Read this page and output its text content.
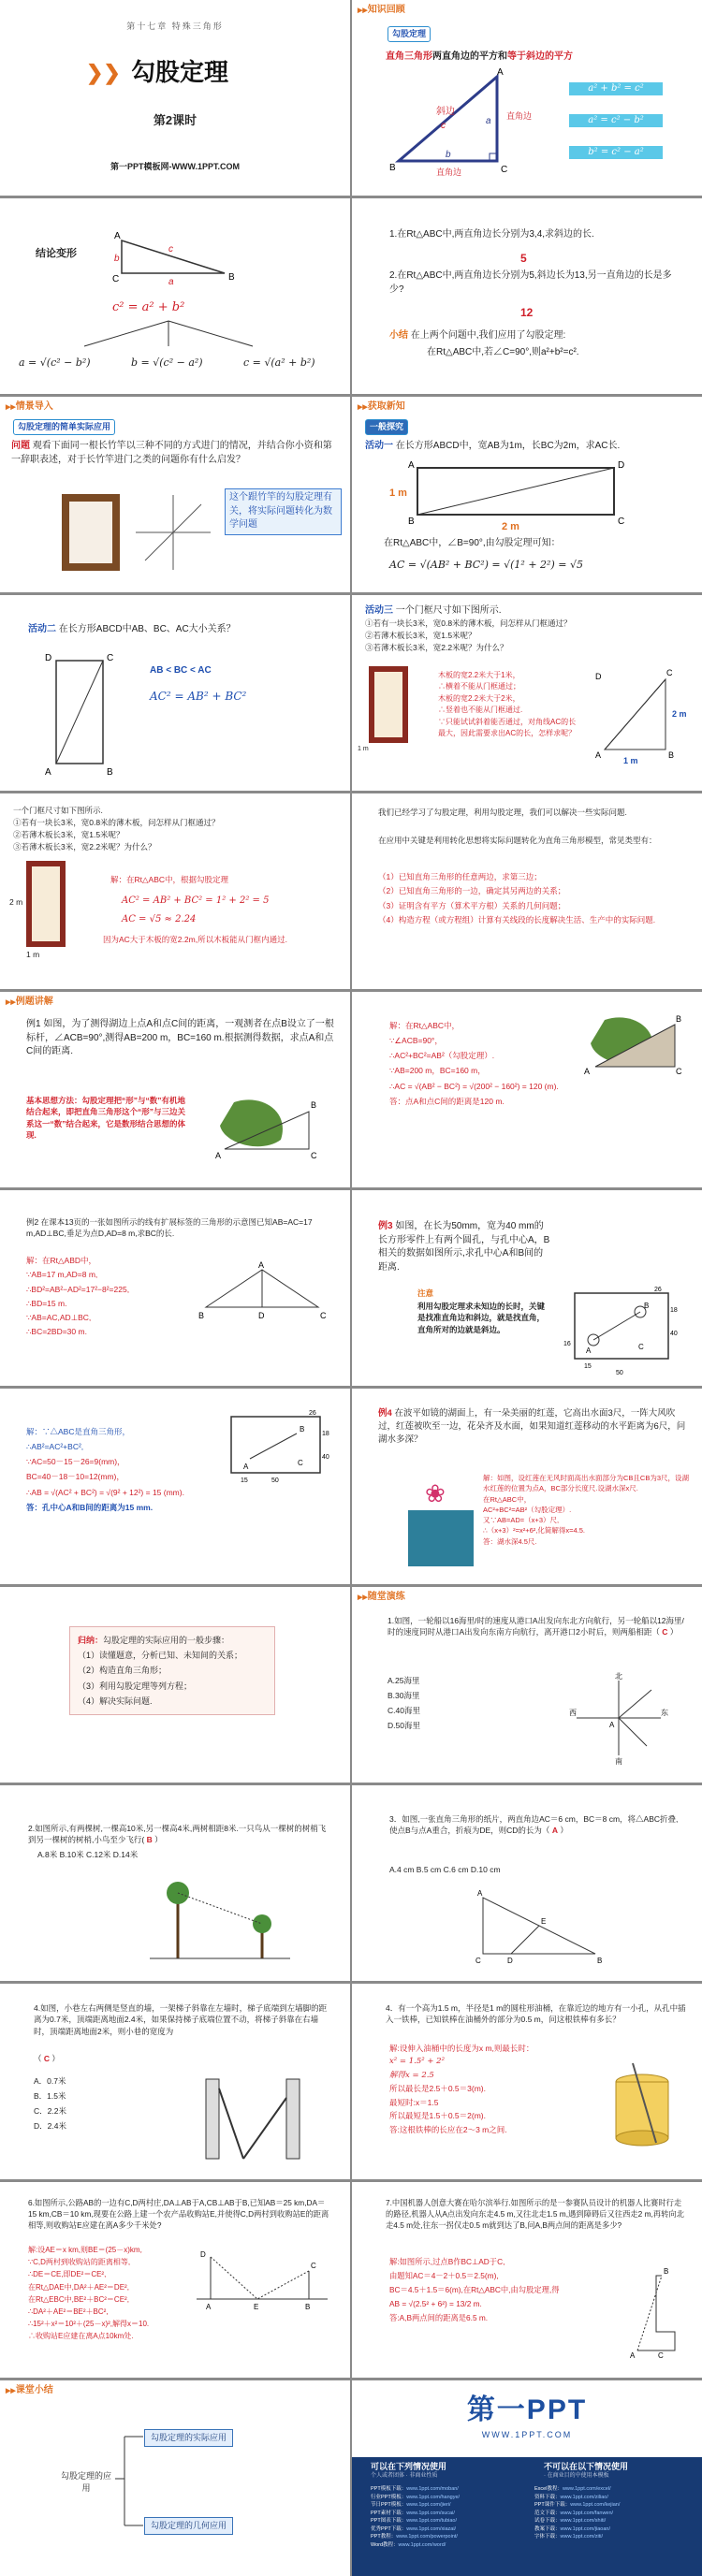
第十七章 特殊三角形
❯❯ 勾股定理
第2课时
第一PPT模板网-WWW.1PPT.COM
▶▶ 知识回顾
勾股定理
直角三角形两直角边的平方和等于斜边的平方
A
B	C
斜边	直角边
直角边
c	a
b
a² + b² = c²
a² = c² − b²
b² = c² − a²
结论变形
A
C	B
c
b
a
c² = a² + b²
a = √(c² − b²)	b = √(c² − a²)	c = √(a² + b²)
1.在Rt△ABC中,两直角边长分别为3,4,求斜边的长.
5
2.在Rt△ABC中,两直角边长分别为5,斜边长为13,另一直角边的长是多少?
12
小结 在上两个问题中,我们应用了勾股定理:
在Rt△ABC中,若∠C=90°,则a²+b²=c².
▶▶ 情景导入
勾股定理的简单实际应用
问题 观看下面同一根长竹竿以三种不同的方式进门的情况，并结合你小资和第一辞职表述，对于长竹竿进门之类的问题你有什么启发？
这个跟竹竿的勾股定理有关，将实际问题转化为数学问题
▶▶ 获取新知
一般探究
活动一 在长方形ABCD中，宽AB为1m，长BC为2m，求AC长.
A	D
B	C
1 m
2 m
在Rt△ABC中，∠B=90°,由勾股定理可知：
AC = √(AB² + BC²) = √(1² + 2²) = √5
活动二 在长方形ABCD中AB、BC、AC大小关系？
AB < BC < AC
AC² = AB² + BC²
D	C
A	B
活动三 一个门框尺寸如下图所示.
①若有一块长3米，宽0.8米的薄木板，问怎样从门框通过？
②若薄木板长3米，宽1.5米呢？
③若薄木板长3米，宽2.2米呢？为什么？
1 m
木板的宽2.2米大于1米，
∴横着不能从门框通过；
木板的宽2.2米大于2米，
∴竖着也不能从门框通过.
∵只能试试斜着能否通过，对角线AC的长最大，因此需要求出AC的长，怎样求呢？
2 m
1 m
C
A	B
D
一个门框尺寸如下图所示.
①若有一块长3米，宽0.8米的薄木板，问怎样从门框通过？
②若薄木板长3米，宽1.5米呢？
③若薄木板长3米，宽2.2米呢？为什么？
1 m
2 m
解：在Rt△ABC中，根据勾股定理
AC² = AB² + BC² = 1² + 2² = 5
AC = √5 ≈ 2.24
因为AC大于木板的宽2.2m,所以木板能从门框内通过.
我们已经学习了勾股定理，利用勾股定理，我们可以解决一些实际问题.
在应用中关键是利用转化思想将实际问题转化为直角三角形模型，常见类型有：
（1）已知直角三角形的任意两边，求第三边；
（2）已知直角三角形的一边，确定其另两边的关系；
（3）证明含有平方（算术平方根）关系的几何问题；
（4）构造方程（或方程组）计算有关线段的长度解决生活、生产中的实际问题.
▶▶ 例题讲解
例1 如图，为了测得湖边上点A和点C间的距离，一观测者在点B设立了一根标杆，∠ACB=90°,测得AB=200 m，BC=160 m.根据测得数据，求点A和点C间的距离.
基本思想方法：勾股定理把“形”与“数”有机地结合起来，即把直角三角形这个“形”与三边关系这一“数”结合起来，它是数形结合思想的体现.
A
B
C
解：在Rt△ABC中，
∵∠ACB=90°，
∴AC²+BC²=AB²（勾股定理）.
∵AB=200 m，BC=160 m，
∴AC = √(AB² − BC²) = √(200² − 160²) = 120 (m).
答：点A和点C间的距离是120 m.
A
B
C
例2 在课本13页的一张如图所示的线有扩展标签的三角形的示意图已知AB=AC=17 m,AD⊥BC,垂足为点D,AD=8 m,求BC的长.
解：在Rt△ABD中，
∵AB=17 m,AD=8 m,
∴BD²=AB²−AD²=17²−8²=225,
∴BD=15 m.
∵AB=AC,AD⊥BC,
∴BC=2BD=30 m.
A
B	C
D
例3 如图，在长为50mm，宽为40 mm的长方形零件上有两个圆孔，与孔中心A，B相关的数据如图所示,求孔中心A和B间的距离.
注意
利用勾股定理求未知边的长时，关键是找准直角边和斜边，就是找直角，直角所对的边就是斜边。
A
B
C
26
18
16
15
40
50
解：∵△ABC是直角三角形，
∴AB²=AC²+BC²,
∵AC=50－15－26=9(mm)，
BC=40－18－10=12(mm)，
∴AB = √(AC² + BC²) = √(9² + 12²) = 15 (mm).
答：孔中心A和B间的距离为15 mm.
A
B
C
26
18
40
15	50
例4 在波平如镜的湖面上，有一朵美丽的红莲，它高出水面3尺，一阵大风吹过，红莲被吹至一边，花朵齐及水面，如果知道红莲移动的水平距离为6尺，问湖水多深？
❀
解：如图，设红莲在无风时面高出水面部分为CB且CB为3尺，设湖水红莲的位置为点A，BC部分长度尺.设湖水深x尺.
在Rt△ABC中，
AC²+BC²=AB²（勾股定理）.
又∵AB=AD=（x+3）尺,
∴（x+3）²=x²+6²,化简解得x=4.5.
答：湖水深4.5尺.
归纳：勾股定理的实际应用的一般步骤：
（1）读懂题意，分析已知、未知间的关系；
（2）构造直角三角形；
（3）利用勾股定理等列方程；
（4）解决实际问题.
▶▶ 随堂演练
1.如图，一轮船以16海里/时的速度从港口A出发向东北方向航行，另一轮船以12海里/时的速度同时从港口A出发向东南方向航行，离开港口2小时后，则两船相距（ C ）
A.25海里
B.30海里
C.40海里
D.50海里
北
南
东
西
A
2.如图所示,有两棵树,一棵高10米,另一棵高4米,两树相距8米.一只鸟从一棵树的树梢飞到另一棵树的树梢,小鸟至少飞行( B ）
A.8米 B.10米 C.12米 D.14米
3．如图,一张直角三角形的纸片，两直角边AC＝6 cm，BC＝8 cm，将△ABC折叠,使点B与点A重合，折痕为DE，则CD的长为（ A ）
A.4 cm B.5 cm C.6 cm D.10 cm
A
B
C	D
E
4.如图，小巷左右两侧是竖直的墙，一架梯子斜靠在左墙时，梯子底端到左墙脚的距离为0.7米，顶端距离地面2.4米，如果保持梯子底端位置不动，将梯子斜靠在右墙时，顶端距离地面2米，则小巷的宽度为
（ C ）
A．0.7米
B．1.5米
C．2.2米
D．2.4米
4．有一个高为1.5 m，半径是1 m的圆柱形油桶，在靠近边的地方有一小孔，从孔中插入一铁棒，已知铁棒在油桶外的部分为0.5 m，问这根铁棒有多长？
解:设伸入油桶中的长度为x m,则最长时：
x² = 1.5² + 2²
解得x = 2.5
所以最长是2.5＋0.5＝3(m).
最短时:x＝1.5
所以最短是1.5＋0.5＝2(m).
答:这根铁棒的长应在2～3 m之间.
6.如图所示,公路AB的一边有C,D两村庄,DA⊥AB于A,CB⊥AB于B,已知AB＝25 km,DA＝15 km,CB＝10 km,现要在公路上建一个农产品收购站E,并使得C,D两村到收购站E的距离相等,则收购站E应建在离A多少千米处?
解:设AE＝x km,则BE＝(25－x)km,
∵C,D两村到收购站的距离相等,
∴DE＝CE,即DE²＝CE²,
在Rt△DAE中,DA²＋AE²＝DE²,
在Rt△EBC中,BE²＋BC²＝CE²,
∴DA²＋AE²＝BE²＋BC²,
∴15²＋x²＝10²＋(25－x)²,解得x＝10.
∴收购站E应建在离A点10km处.
A	B
C
D
E
7.中国机器人创意大赛在哈尔滨举行.如图所示的是一参赛队员设计的机器人比赛时行走的路径,机器人从A点出发向东走4.5 m,又往北走1.5 m,遇到障碍后又往西走2 m,再转向北走4.5 m处,往东一拐仅走0.5 m就到达了B,问A,B两点间的距离是多少?
解:如图所示,过点B作BC⊥AD于C,
由题知AC＝4－2＋0.5＝2.5(m),
BC＝4.5＋1.5＝6(m),在Rt△ABC中,由勾股定理,得
AB = √(2.5² + 6²) = 13/2 m.
答:A,B两点间的距离是6.5 m.
A
B
C
▶▶ 课堂小结
勾股定理的应用
勾股定理的实际应用
勾股定理的几何应用
第一PPT
WWW.1PPT.COM
可以在下列情况使用
个人或者团体 · 非商业性质
不可以在以下情况使用
· 在商业目的中使用本模板
PPT模板下载：www.1ppt.com/moban/
行业PPT模板：www.1ppt.com/hangye/
节日PPT模板：www.1ppt.com/jieri/
PPT素材下载：www.1ppt.com/sucai/
PPT图表下载：www.1ppt.com/tubiao/
优秀PPT下载：www.1ppt.com/xiazai/
PPT教程：www.1ppt.com/powerpoint/
Word教程：www.1ppt.com/word/
Excel教程：www.1ppt.com/excel/
资料下载：www.1ppt.com/ziliao/
PPT课件下载：www.1ppt.com/kejian/
范文下载：www.1ppt.com/fanwen/
试卷下载：www.1ppt.com/shiti/
教案下载：www.1ppt.com/jiaoan/
字体下载：www.1ppt.com/ziti/
